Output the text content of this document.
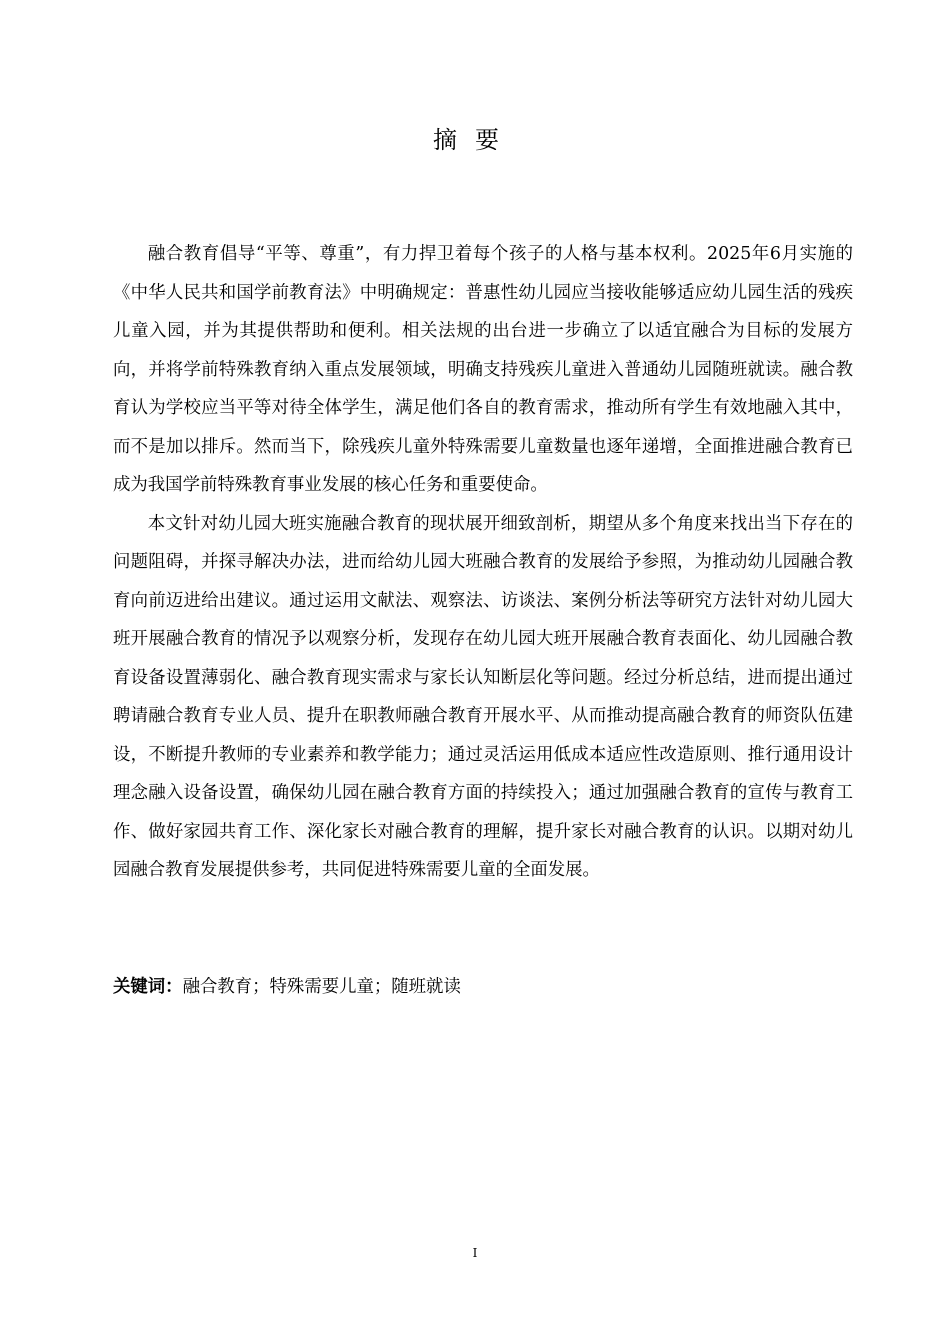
摘要

融合教育倡导“平等、尊重”，有力捍卫着每个孩子的人格与基本权利。2025年6月实施的《中华人民共和国学前教育法》中明确规定：普惠性幼儿园应当接收能够适应幼儿园生活的残疾儿童入园，并为其提供帮助和便利。相关法规的出台进一步确立了以适宜融合为目标的发展方向，并将学前特殊教育纳入重点发展领域，明确支持残疾儿童进入普通幼儿园随班就读。融合教育认为学校应当平等对待全体学生，满足他们各自的教育需求，推动所有学生有效地融入其中，而不是加以排斥。然而当下，除残疾儿童外特殊需要儿童数量也逐年递增，全面推进融合教育已成为我国学前特殊教育事业发展的核心任务和重要使命。

本文针对幼儿园大班实施融合教育的现状展开细致剖析，期望从多个角度来找出当下存在的问题阻碍，并探寻解决办法，进而给幼儿园大班融合教育的发展给予参照，为推动幼儿园融合教育向前迈进给出建议。通过运用文献法、观察法、访谈法、案例分析法等研究方法针对幼儿园大班开展融合教育的情况予以观察分析，发现存在幼儿园大班开展融合教育表面化、幼儿园融合教育设备设置薄弱化、融合教育现实需求与家长认知断层化等问题。经过分析总结，进而提出通过聘请融合教育专业人员、提升在职教师融合教育开展水平、从而推动提高融合教育的师资队伍建设，不断提升教师的专业素养和教学能力；通过灵活运用低成本适应性改造原则、推行通用设计理念融入设备设置，确保幼儿园在融合教育方面的持续投入；通过加强融合教育的宣传与教育工作、做好家园共育工作、深化家长对融合教育的理解，提升家长对融合教育的认识。以期对幼儿园融合教育发展提供参考，共同促进特殊需要儿童的全面发展。

关键词：融合教育；特殊需要儿童；随班就读
I
